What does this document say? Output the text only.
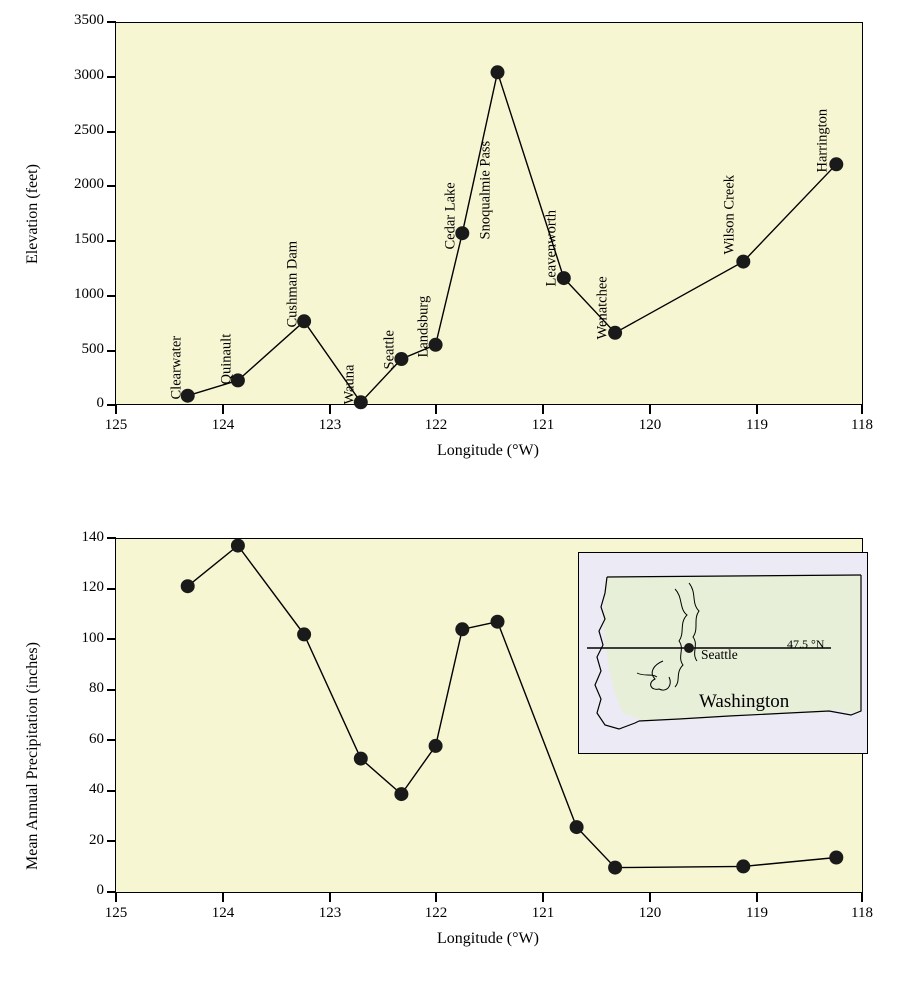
Elevation (feet)
3500
3000
2500
2000
1500
1000
500
0
125	124	123	122	121	120	119	118
Longitude (°W)
Clearwater Quinault
Cushman Dam
Wauna
Seattle Landsburg
Cedar Lake Snoqualmie Pass
Leavenworth
Wenatchee
Wilson Creek
Harrington
Mean Annual Precipitation (inches)
140
120
100
80
60
40
20
0
125	124	123	122	121	120	119	118
Longitude (°W)
47.5 °N
Seattle
Washington
